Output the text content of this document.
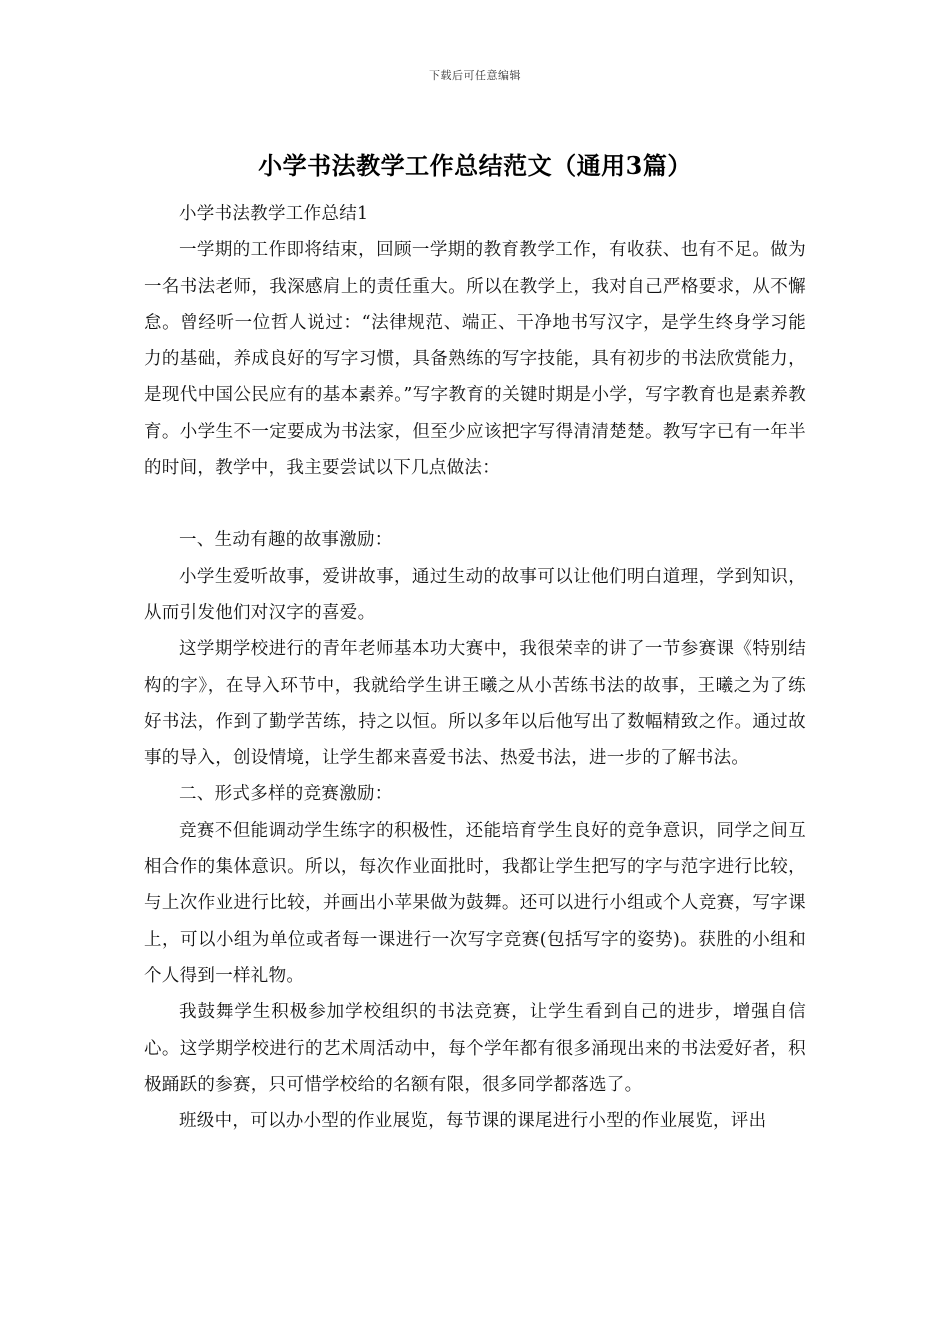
下载后可任意编辑
小学书法教学工作总结范文（通用3篇）

小学书法教学工作总结1

一学期的工作即将结束，回顾一学期的教育教学工作，有收获、也有不足。做为一名书法老师，我深感肩上的责任重大。所以在教学上，我对自己严格要求，从不懈怠。曾经听一位哲人说过：“法律规范、端正、干净地书写汉字，是学生终身学习能力的基础，养成良好的写字习惯，具备熟练的写字技能，具有初步的书法欣赏能力，是现代中国公民应有的基本素养。”写字教育的关键时期是小学，写字教育也是素养教育。小学生不一定要成为书法家，但至少应该把字写得清清楚楚。教写字已有一年半的时间，教学中，我主要尝试以下几点做法：

一、生动有趣的故事激励：

小学生爱听故事，爱讲故事，通过生动的故事可以让他们明白道理，学到知识，从而引发他们对汉字的喜爱。

这学期学校进行的青年老师基本功大赛中，我很荣幸的讲了一节参赛课《特别结构的字》，在导入环节中，我就给学生讲王曦之从小苦练书法的故事，王曦之为了练好书法，作到了勤学苦练，持之以恒。所以多年以后他写出了数幅精致之作。通过故事的导入，创设情境，让学生都来喜爱书法、热爱书法，进一步的了解书法。

二、形式多样的竞赛激励：

竞赛不但能调动学生练字的积极性，还能培育学生良好的竞争意识，同学之间互相合作的集体意识。所以，每次作业面批时，我都让学生把写的字与范字进行比较，与上次作业进行比较，并画出小苹果做为鼓舞。还可以进行小组或个人竞赛，写字课上，可以小组为单位或者每一课进行一次写字竞赛(包括写字的姿势)。获胜的小组和个人得到一样礼物。

我鼓舞学生积极参加学校组织的书法竞赛，让学生看到自己的进步，增强自信心。这学期学校进行的艺术周活动中，每个学年都有很多涌现出来的书法爱好者，积极踊跃的参赛，只可惜学校给的名额有限，很多同学都落选了。

班级中，可以办小型的作业展览，每节课的课尾进行小型的作业展览，评出
